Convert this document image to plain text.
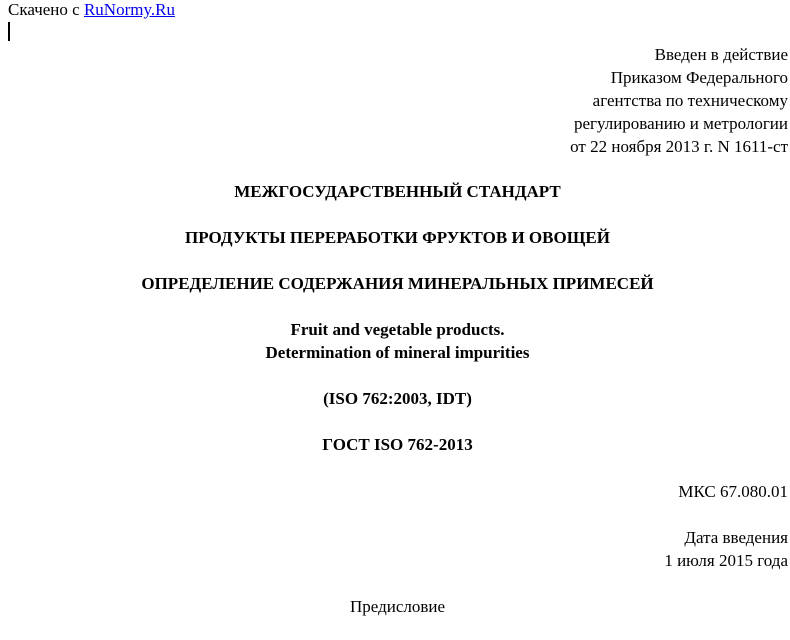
Скачено с RuNormy.Ru
Введен в действие
Приказом Федерального
агентства по техническому
регулированию и метрологии
от 22 ноября 2013 г. N 1611-ст
МЕЖГОСУДАРСТВЕННЫЙ СТАНДАРТ
ПРОДУКТЫ ПЕРЕРАБОТКИ ФРУКТОВ И ОВОЩЕЙ
ОПРЕДЕЛЕНИЕ СОДЕРЖАНИЯ МИНЕРАЛЬНЫХ ПРИМЕСЕЙ
Fruit and vegetable products.
Determination of mineral impurities
(ISO 762:2003, IDT)
ГОСТ ISO 762-2013
МКС 67.080.01
Дата введения
1 июля 2015 года
Предисловие
